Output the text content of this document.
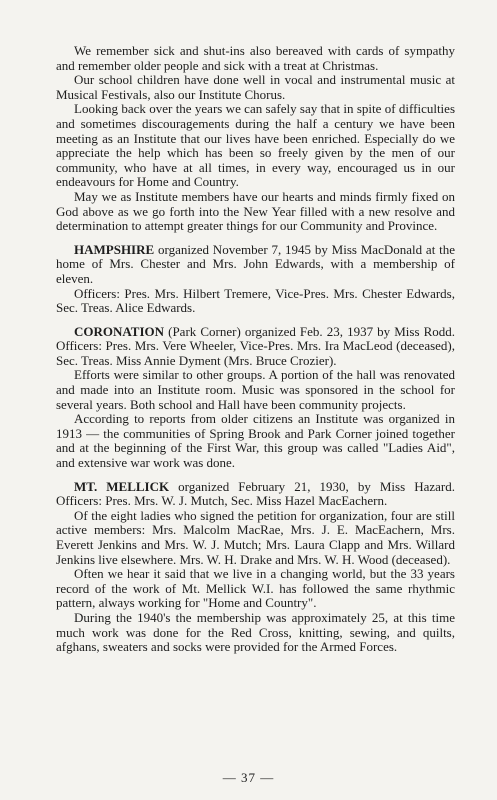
We remember sick and shut-ins also bereaved with cards of sympathy and remember older people and sick with a treat at Christmas.

Our school children have done well in vocal and instrumental music at Musical Festivals, also our Institute Chorus.

Looking back over the years we can safely say that in spite of difficulties and sometimes discouragements during the half a century we have been meeting as an Institute that our lives have been enriched. Especially do we appreciate the help which has been so freely given by the men of our community, who have at all times, in every way, encouraged us in our endeavours for Home and Country.

May we as Institute members have our hearts and minds firmly fixed on God above as we go forth into the New Year filled with a new resolve and determination to attempt greater things for our Community and Province.

HAMPSHIRE organized November 7, 1945 by Miss MacDonald at the home of Mrs. Chester and Mrs. John Edwards, with a membership of eleven.

Officers: Pres. Mrs. Hilbert Tremere, Vice-Pres. Mrs. Chester Edwards, Sec. Treas. Alice Edwards.

CORONATION (Park Corner) organized Feb. 23, 1937 by Miss Rodd. Officers: Pres. Mrs. Vere Wheeler, Vice-Pres. Mrs. Ira MacLeod (deceased), Sec. Treas. Miss Annie Dyment (Mrs. Bruce Crozier).

Efforts were similar to other groups. A portion of the hall was renovated and made into an Institute room. Music was sponsored in the school for several years. Both school and Hall have been community projects.

According to reports from older citizens an Institute was organized in 1913 — the communities of Spring Brook and Park Corner joined together and at the beginning of the First War, this group was called "Ladies Aid", and extensive war work was done.

MT. MELLICK organized February 21, 1930, by Miss Hazard. Officers: Pres. Mrs. W. J. Mutch, Sec. Miss Hazel MacEachern.

Of the eight ladies who signed the petition for organization, four are still active members: Mrs. Malcolm MacRae, Mrs. J. E. MacEachern, Mrs. Everett Jenkins and Mrs. W. J. Mutch; Mrs. Laura Clapp and Mrs. Willard Jenkins live elsewhere. Mrs. W. H. Drake and Mrs. W. H. Wood (deceased).

Often we hear it said that we live in a changing world, but the 33 years record of the work of Mt. Mellick W.I. has followed the same rhythmic pattern, always working for "Home and Country".

During the 1940's the membership was approximately 25, at this time much work was done for the Red Cross, knitting, sewing, and quilts, afghans, sweaters and socks were provided for the Armed Forces.

— 37 —
